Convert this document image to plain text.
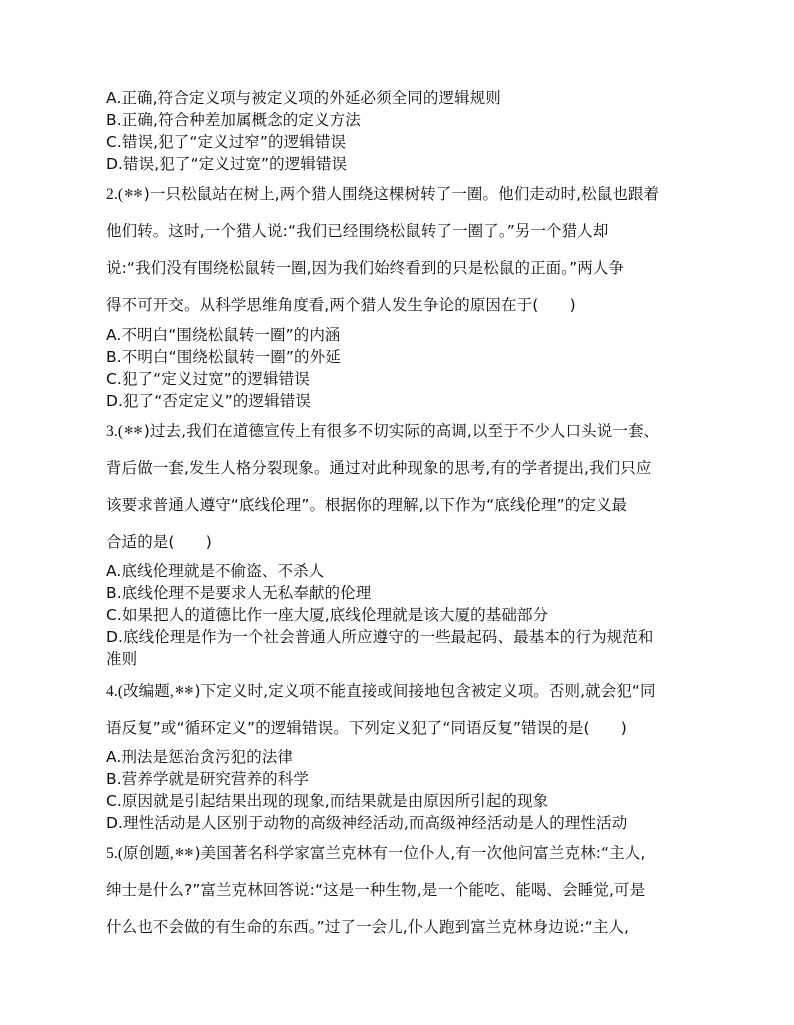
A.正确,符合定义项与被定义项的外延必须全同的逻辑规则
B.正确,符合种差加属概念的定义方法
C.错误,犯了“定义过窄”的逻辑错误
D.错误,犯了“定义过宽”的逻辑错误
2.(✻✻)一只松鼠站在树上,两个猎人围绕这棵树转了一圈。他们走动时,松鼠也跟着
他们转。这时,一个猎人说:“我们已经围绕松鼠转了一圈了。”另一个猎人却
说:“我们没有围绕松鼠转一圈,因为我们始终看到的只是松鼠的正面。”两人争
得不可开交。从科学思维角度看,两个猎人发生争论的原因在于(　　)
A.不明白“围绕松鼠转一圈”的内涵
B.不明白“围绕松鼠转一圈”的外延
C.犯了“定义过宽”的逻辑错误
D.犯了“否定定义”的逻辑错误
3.(✻✻)过去,我们在道德宣传上有很多不切实际的高调,以至于不少人口头说一套、
背后做一套,发生人格分裂现象。通过对此种现象的思考,有的学者提出,我们只应
该要求普通人遵守“底线伦理”。根据你的理解,以下作为“底线伦理”的定义最
合适的是(　　)
A.底线伦理就是不偷盗、不杀人
B.底线伦理不是要求人无私奉献的伦理
C.如果把人的道德比作一座大厦,底线伦理就是该大厦的基础部分
D.底线伦理是作为一个社会普通人所应遵守的一些最起码、最基本的行为规范和
准则
4.(改编题,✻✻)下定义时,定义项不能直接或间接地包含被定义项。否则,就会犯“同
语反复”或“循环定义”的逻辑错误。下列定义犯了“同语反复”错误的是(　　)
A.刑法是惩治贪污犯的法律
B.营养学就是研究营养的科学
C.原因就是引起结果出现的现象,而结果就是由原因所引起的现象
D.理性活动是人区别于动物的高级神经活动,而高级神经活动是人的理性活动
5.(原创题,✻✻)美国著名科学家富兰克林有一位仆人,有一次他问富兰克林:“主人,
绅士是什么?”富兰克林回答说:“这是一种生物,是一个能吃、能喝、会睡觉,可是
什么也不会做的有生命的东西。”过了一会儿,仆人跑到富兰克林身边说:“主人,
